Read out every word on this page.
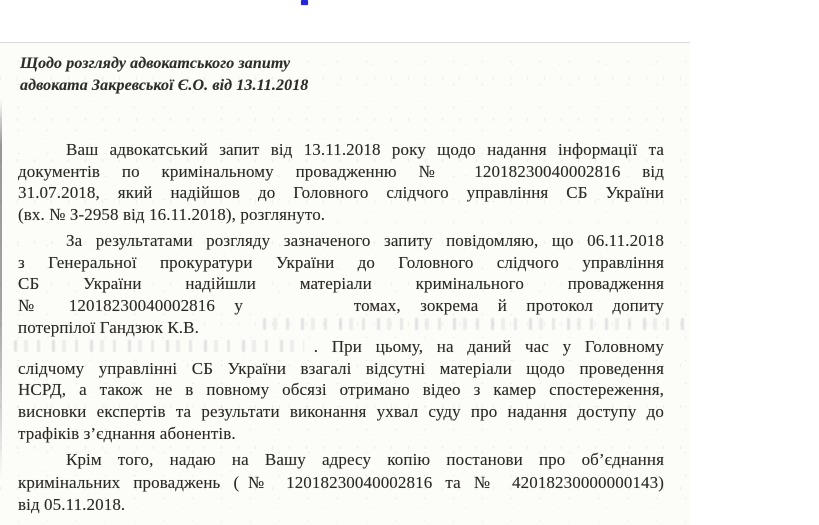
Щодо розгляду адвокатського запиту
адвоката Закревської Є.О. від 13.11.2018
Ваш адвокатський запит від 13.11.2018 року щодо надання інформації та
документів по кримінальному провадженню № 12018230040002816 від
31.07.2018, який надійшов до Головного слідчого управління СБ України
(вх. № З-2958 від 16.11.2018), розглянуто.
За результатами розгляду зазначеного запиту повідомляю, що 06.11.2018
з Генеральної прокуратури України до Головного слідчого управління
СБ України надійшли матеріали кримінального провадження
№ 12018230040002816 у	томах, зокрема й протокол допиту
потерпілої Гандзюк К.В.
. При цьому, на даний час у Головному
слідчому управлінні СБ України взагалі відсутні матеріали щодо проведення
НСРД, а також не в повному обсязі отримано відео з камер спостереження,
висновки експертів та результати виконання ухвал суду про надання доступу до
трафіків з’єднання абонентів.
Крім того, надаю на Вашу адресу копію постанови про об’єднання
кримінальних проваджень (№ 12018230040002816 та № 42018230000000143)
від 05.11.2018.
